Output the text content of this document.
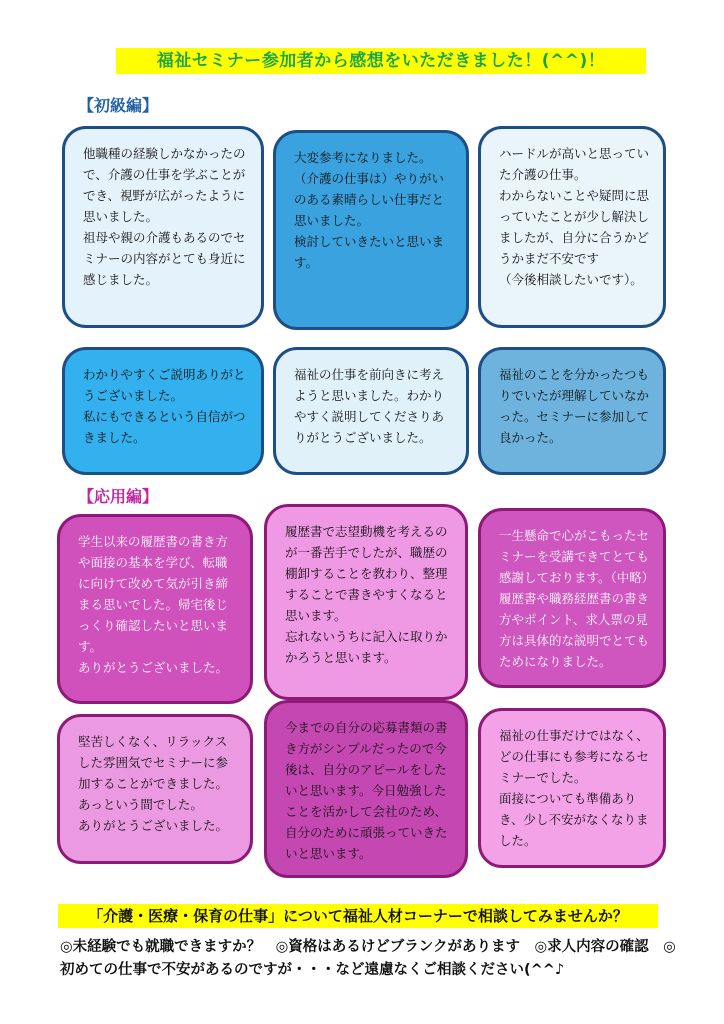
福祉セミナー参加者から感想をいただきました！(^^)！
【初級編】
他職種の経験しかなかったので、介護の仕事を学ぶことができ、視野が広がったように思いました。
祖母や親の介護もあるのでセミナーの内容がとても身近に感じました。
大変参考になりました。
（介護の仕事は）やりがいのある素晴らしい仕事だと思いました。
検討していきたいと思います。
ハードルが高いと思っていた介護の仕事。
わからないことや疑問に思っていたことが少し解決しましたが、自分に合うかどうかまだ不安です
（今後相談したいです）。
わかりやすくご説明ありがとうございました。
私にもできるという自信がつきました。
福祉の仕事を前向きに考えようと思いました。わかりやすく説明してくださりありがとうございました。
福祉のことを分かったつもりでいたが理解していなかった。セミナーに参加して良かった。
【応用編】
学生以来の履歴書の書き方や面接の基本を学び、転職に向けて改めて気が引き締まる思いでした。帰宅後じっくり確認したいと思います。
ありがとうございました。
履歴書で志望動機を考えるのが一番苦手でしたが、職歴の棚卸することを教わり、整理することで書きやすくなると思います。
忘れないうちに記入に取りかかろうと思います。
一生懸命で心がこもったセミナーを受講できてとても感謝しております。（中略）履歴書や職務経歴書の書き方やポイント、求人票の見方は具体的な説明でとてもためになりました。
堅苦しくなく、リラックスした雰囲気でセミナーに参加することができました。
あっという間でした。
ありがとうございました。
今までの自分の応募書類の書き方がシンプルだったので今後は、自分のアピールをしたいと思います。今日勉強したことを活かして会社のため、自分のために頑張っていきたいと思います。
福祉の仕事だけではなく、どの仕事にも参考になるセミナーでした。
面接についても準備ありき、少し不安がなくなりました。
「介護・医療・保育の仕事」について福祉人材コーナーで相談してみませんか？
◎未経験でも就職できますか？　◎資格はあるけどブランクがあります　◎求人内容の確認　◎初めての仕事で不安があるのですが・・・など遠慮なくご相談ください(^^♪
